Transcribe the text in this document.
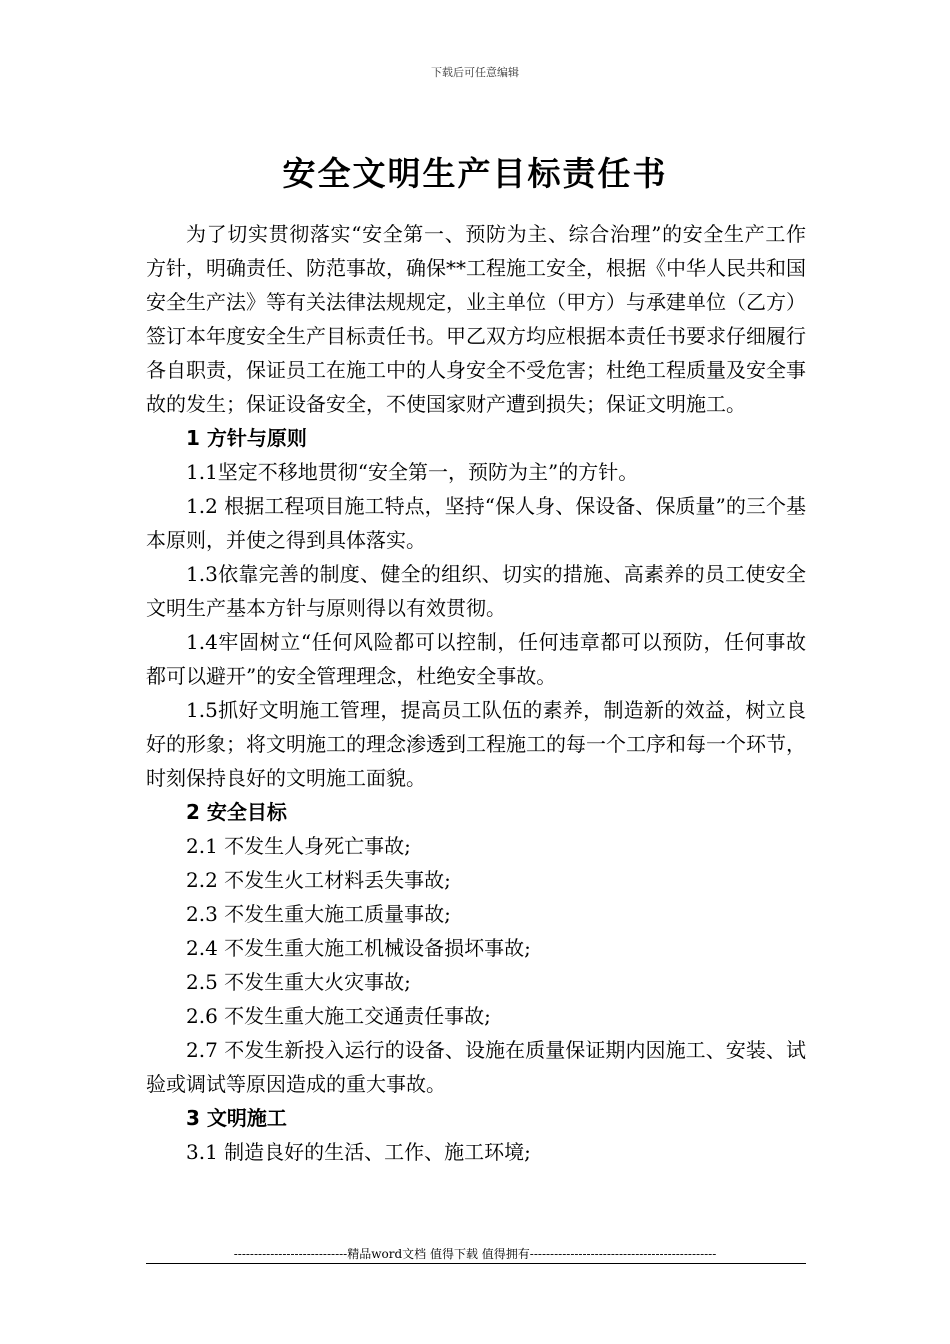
下载后可任意编辑
安全文明生产目标责任书

为了切实贯彻落实“安全第一、预防为主、综合治理”的安全生产工作方针，明确责任、防范事故，确保**工程施工安全，根据《中华人民共和国安全生产法》等有关法律法规规定，业主单位（甲方）与承建单位（乙方）签订本年度安全生产目标责任书。甲乙双方均应根据本责任书要求仔细履行各自职责，保证员工在施工中的人身安全不受危害；杜绝工程质量及安全事故的发生；保证设备安全，不使国家财产遭到损失；保证文明施工。

1 方针与原则

1.1坚定不移地贯彻“安全第一，预防为主”的方针。

1.2 根据工程项目施工特点，坚持“保人身、保设备、保质量”的三个基本原则，并使之得到具体落实。

1.3依靠完善的制度、健全的组织、切实的措施、高素养的员工使安全文明生产基本方针与原则得以有效贯彻。

1.4牢固树立“任何风险都可以控制，任何违章都可以预防，任何事故都可以避开”的安全管理理念，杜绝安全事故。

1.5抓好文明施工管理，提高员工队伍的素养，制造新的效益，树立良好的形象；将文明施工的理念渗透到工程施工的每一个工序和每一个环节，时刻保持良好的文明施工面貌。

2 安全目标

2.1 不发生人身死亡事故;

2.2 不发生火工材料丢失事故;

2.3 不发生重大施工质量事故;

2.4 不发生重大施工机械设备损坏事故;

2.5 不发生重大火灾事故;

2.6 不发生重大施工交通责任事故;

2.7 不发生新投入运行的设备、设施在质量保证期内因施工、安装、试验或调试等原因造成的重大事故。

3 文明施工

3.1 制造良好的生活、工作、施工环境;

----------------------------精品word文档 值得下载 值得拥有----------------------------------------------
